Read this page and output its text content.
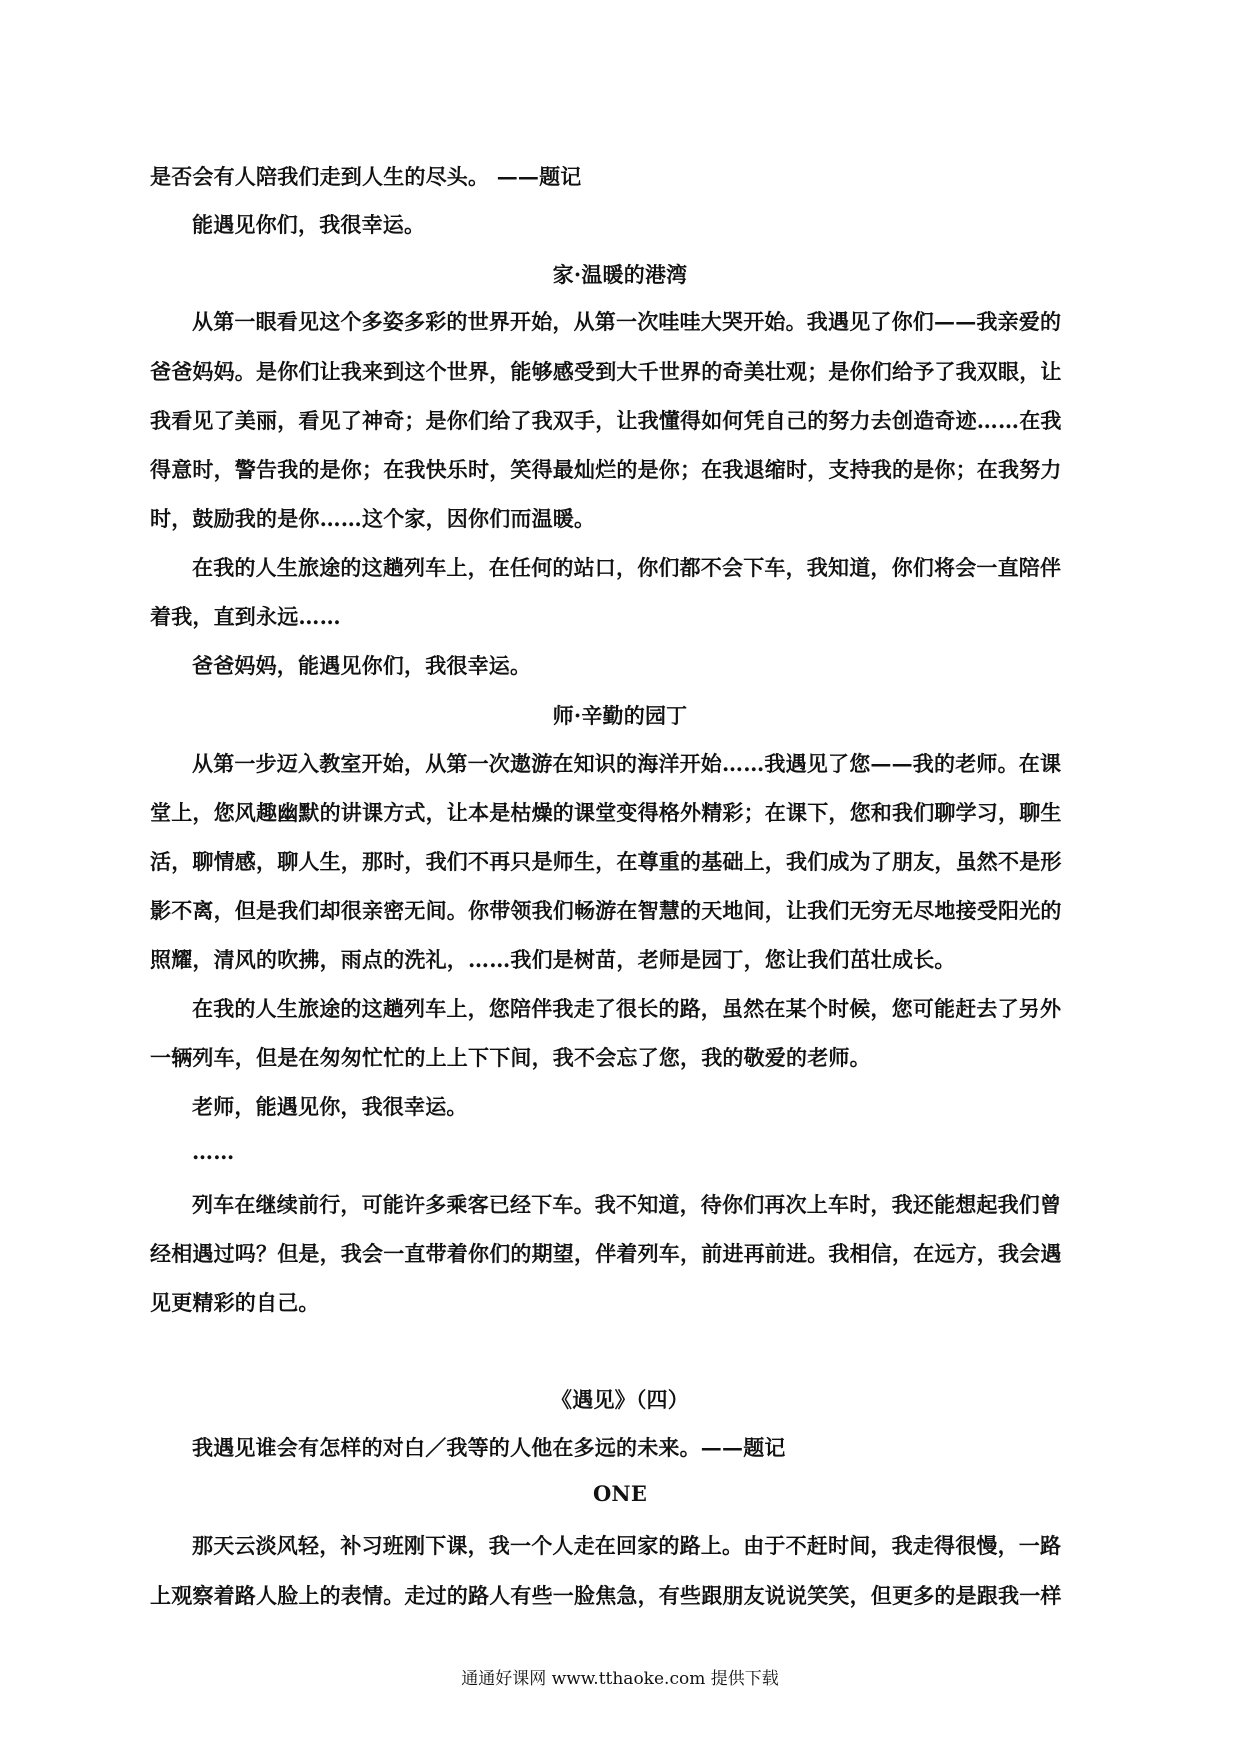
是否会有人陪我们走到人生的尽头。 ——题记
能遇见你们，我很幸运。
家·温暖的港湾
从第一眼看见这个多姿多彩的世界开始，从第一次哇哇大哭开始。我遇见了你们——我亲爱的
爸爸妈妈。是你们让我来到这个世界，能够感受到大千世界的奇美壮观；是你们给予了我双眼，让
我看见了美丽，看见了神奇；是你们给了我双手，让我懂得如何凭自己的努力去创造奇迹……在我
得意时，警告我的是你；在我快乐时，笑得最灿烂的是你；在我退缩时，支持我的是你；在我努力
时，鼓励我的是你……这个家，因你们而温暖。
在我的人生旅途的这趟列车上，在任何的站口，你们都不会下车，我知道，你们将会一直陪伴
着我，直到永远……
爸爸妈妈，能遇见你们，我很幸运。
师·辛勤的园丁
从第一步迈入教室开始，从第一次遨游在知识的海洋开始……我遇见了您——我的老师。在课
堂上，您风趣幽默的讲课方式，让本是枯燥的课堂变得格外精彩；在课下，您和我们聊学习，聊生
活，聊情感，聊人生，那时，我们不再只是师生，在尊重的基础上，我们成为了朋友，虽然不是形
影不离，但是我们却很亲密无间。你带领我们畅游在智慧的天地间，让我们无穷无尽地接受阳光的
照耀，清风的吹拂，雨点的洗礼，……我们是树苗，老师是园丁，您让我们茁壮成长。
在我的人生旅途的这趟列车上，您陪伴我走了很长的路，虽然在某个时候，您可能赶去了另外
一辆列车，但是在匆匆忙忙的上上下下间，我不会忘了您，我的敬爱的老师。
老师，能遇见你，我很幸运。
……
列车在继续前行，可能许多乘客已经下车。我不知道，待你们再次上车时，我还能想起我们曾
经相遇过吗？但是，我会一直带着你们的期望，伴着列车，前进再前进。我相信，在远方，我会遇
见更精彩的自己。
《遇见》（四）
我遇见谁会有怎样的对白／我等的人他在多远的未来。——题记
ONE
那天云淡风轻，补习班刚下课，我一个人走在回家的路上。由于不赶时间，我走得很慢，一路
上观察着路人脸上的表情。走过的路人有些一脸焦急，有些跟朋友说说笑笑，但更多的是跟我一样
通通好课网 www.tthaoke.com 提供下载
